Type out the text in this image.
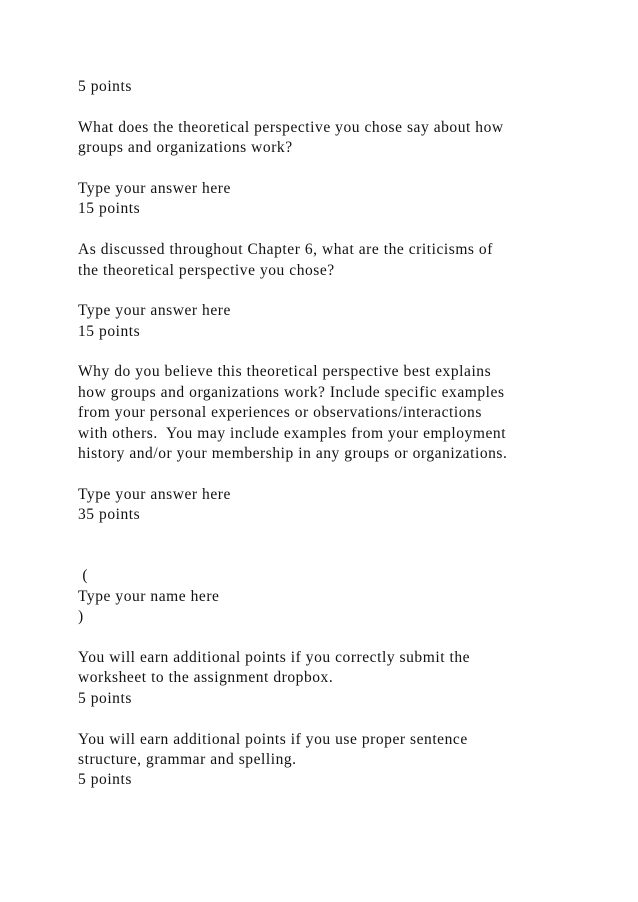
5 points
What does the theoretical perspective you chose say about how
groups and organizations work?
Type your answer here
15 points
As discussed throughout Chapter 6, what are the criticisms of
the theoretical perspective you chose?
Type your answer here
15 points
Why do you believe this theoretical perspective best explains
how groups and organizations work? Include specific examples
from your personal experiences or observations/interactions
with others.  You may include examples from your employment
history and/or your membership in any groups or organizations.
Type your answer here
35 points
(
Type your name here
)
You will earn additional points if you correctly submit the
worksheet to the assignment dropbox.
5 points
You will earn additional points if you use proper sentence
structure, grammar and spelling.
5 points
